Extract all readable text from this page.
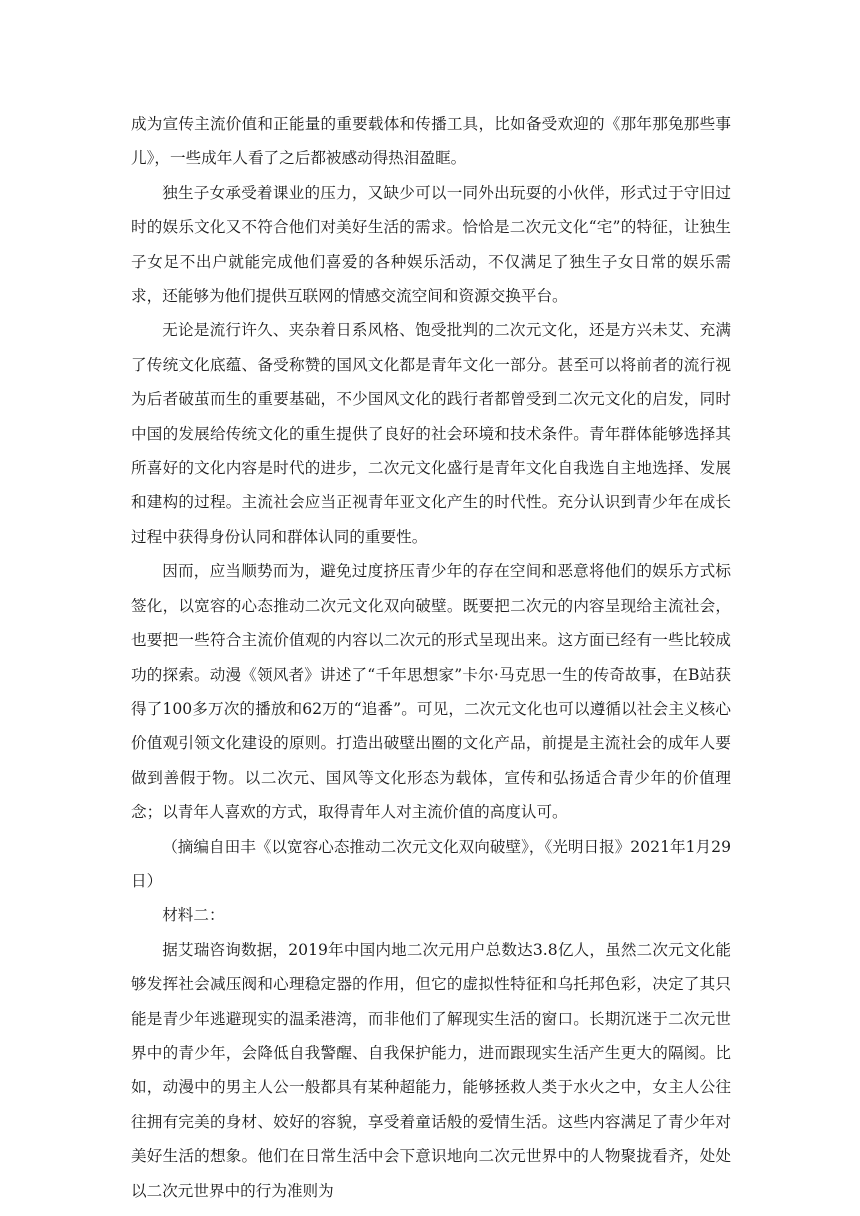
成为宣传主流价值和正能量的重要载体和传播工具，比如备受欢迎的《那年那兔那些事儿》，一些成年人看了之后都被感动得热泪盈眶。

独生子女承受着课业的压力，又缺少可以一同外出玩耍的小伙伴，形式过于守旧过时的娱乐文化又不符合他们对美好生活的需求。恰恰是二次元文化“宅”的特征，让独生子女足不出户就能完成他们喜爱的各种娱乐活动，不仅满足了独生子女日常的娱乐需求，还能够为他们提供互联网的情感交流空间和资源交换平台。

无论是流行许久、夹杂着日系风格、饱受批判的二次元文化，还是方兴未艾、充满了传统文化底蕴、备受称赞的国风文化都是青年文化一部分。甚至可以将前者的流行视为后者破茧而生的重要基础，不少国风文化的践行者都曾受到二次元文化的启发，同时中国的发展给传统文化的重生提供了良好的社会环境和技术条件。青年群体能够选择其所喜好的文化内容是时代的进步，二次元文化盛行是青年文化自我选自主地选择、发展和建构的过程。主流社会应当正视青年亚文化产生的时代性。充分认识到青少年在成长过程中获得身份认同和群体认同的重要性。

因而，应当顺势而为，避免过度挤压青少年的存在空间和恶意将他们的娱乐方式标签化，以宽容的心态推动二次元文化双向破壁。既要把二次元的内容呈现给主流社会，也要把一些符合主流价值观的内容以二次元的形式呈现出来。这方面已经有一些比较成功的探索。动漫《领风者》讲述了“千年思想家”卡尔·马克思一生的传奇故事，在B站获得了100多万次的播放和62万的“追番”。可见，二次元文化也可以遵循以社会主义核心价值观引领文化建设的原则。打造出破壁出圈的文化产品，前提是主流社会的成年人要做到善假于物。以二次元、国风等文化形态为载体，宣传和弘扬适合青少年的价值理念；以青年人喜欢的方式，取得青年人对主流价值的高度认可。

（摘编自田丰《以宽容心态推动二次元文化双向破壁》，《光明日报》2021年1月29日）

材料二：

据艾瑞咨询数据，2019年中国内地二次元用户总数达3.8亿人，虽然二次元文化能够发挥社会减压阀和心理稳定器的作用，但它的虚拟性特征和乌托邦色彩，决定了其只能是青少年逃避现实的温柔港湾，而非他们了解现实生活的窗口。长期沉迷于二次元世界中的青少年，会降低自我警醒、自我保护能力，进而跟现实生活产生更大的隔阂。比如，动漫中的男主人公一般都具有某种超能力，能够拯救人类于水火之中，女主人公往往拥有完美的身材、姣好的容貌，享受着童话般的爱情生活。这些内容满足了青少年对美好生活的想象。他们在日常生活中会下意识地向二次元世界中的人物聚拢看齐，处处以二次元世界中的行为准则为
